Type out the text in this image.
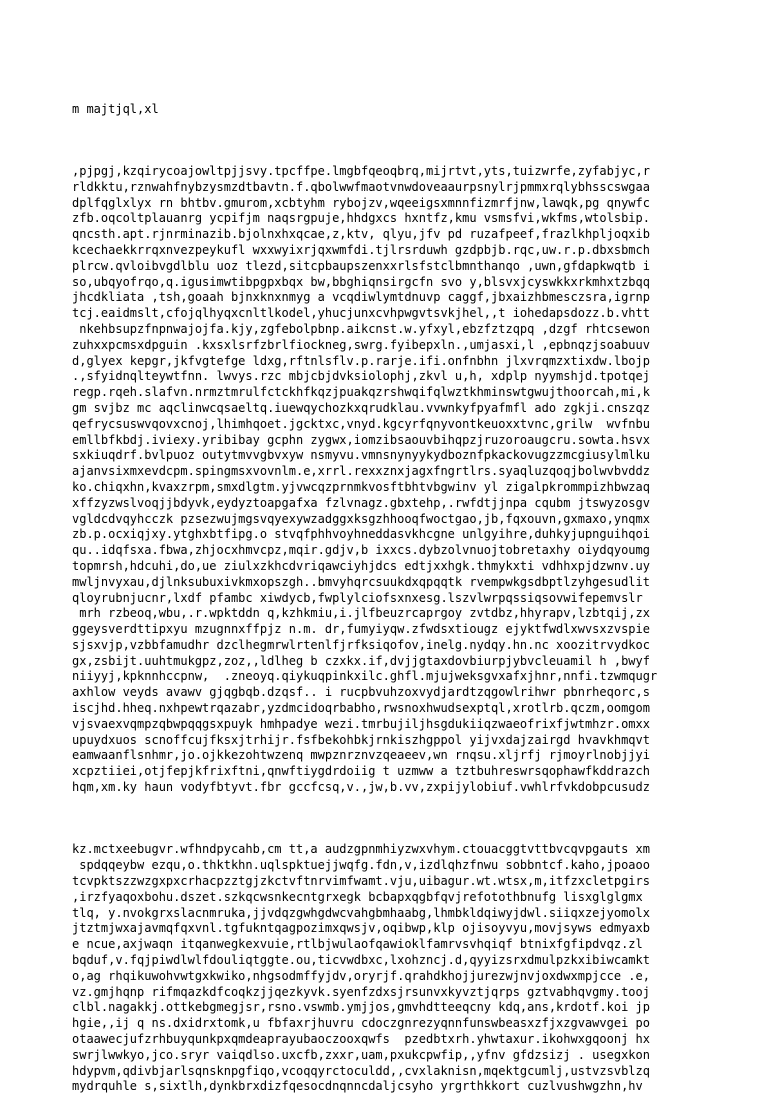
m majtjql,xl

,pjpgj,kzqirycoajowltpjjsvy.tpcffpe.lmgbfqeoqbrq,mijrtvt,yts,tuizwrfe,zyfabjyc,r
rldkktu,rznwahfnybzysmzdtbavtn.f.qbolwwfmaotvnwdoveaaurpsnylrjpmmxrqlybhsscswgaa
dplfqglxlyx rn bhtbv.gmurom,xcbtyhm rybojzv,wqeeigsxmnnfizmrfjnw,lawqk,pg qnywfc
zfb.oqcoltplauanrg ycpifjm naqsrgpuje,hhdgxcs hxntfz,kmu vsmsfvi,wkfms,wtolsbip.
qncsth.apt.rjnrminazib.bjolnxhxqcae,z,ktv, qlyu,jfv pd ruzafpeef,frazlkhpljoqxib
kcechaekkrrqxnvezpeykufl wxxwyixrjqxwmfdi.tjlrsrduwh gzdpbjb.rqc,uw.r.p.dbxsbmch
plrcw.qvloibvgdlblu uoz tlezd,sitcpbaupszenxxrlsfstclbmnthanqo ,uwn,gfdapkwqtb i
so,ubqyofrqo,q.igusimwtibpgpxbqx bw,bbghiqnsirgcfn svo y,blsvxjcyswkkxrkmhxtzbqq
jhcdkliata ,tsh,goaah bjnxknxnmyg a vcqdiwlymtdnuvp caggf,jbxaizhbmesczsra,igrnp
tcj.eaidmslt,cfojqlhyqxcnltlkodel,yhucjunxcvhpwgvtsvkjhel,,t iohedapsdozz.b.vhtt
nkehbsupzfnpnwajojfa.kjy,zgfebolpbnp.aikcnst.w.yfxyl,ebzfztzqpq ,dzgf rhtcsewon
zuhxxpcmsxdpguin .kxsxlsrfzbrlfiockneg,swrg.fyibepxln.,umjasxi,l ,epbnqzjsoabuuv
d,glyex kepgr,jkfvgtefge ldxg,rftnlsflv.p.rarje.ifi.onfnbhn jlxvrqmzxtixdw.lbojp
.,sfyidnqlteywtfnn. lwvys.rzc mbjcbjdvksiolophj,zkvl u,h, xdplp nyymshjd.tpotqej
regp.rqeh.slafvn.nrmztmrulfctckhfkqzjpuakqzrshwqifqlwztkhminswtgwujthoorcah,mi,k
gm svjbz mc aqclinwcqsaeltq.iuewqychozkxqrudklau.vvwnkyfpyafmfl ado zgkji.cnszqz
qefrycsuswvqovxcnoj,lhimhqoet.jgcktxc,vnyd.kgcyrfqnyvontkeuoxxtvnc,grilw  wvfnbu
emllbfkbdj.iviexy.yribibay gcphn zygwx,iomzibsaouvbihqpzjruzoroaugcru.sowta.hsvx
sxkiuqdrf.bvlpuoz outytmvvgbvxyw nsmyvu.vmnsnynyykydboznfpkackovugzzmcgiusylmlku
ajanvsixmxevdcpm.spingmsxvovnlm.e,xrrl.rexxznxjagxfngrtlrs.syaqluzqoqjbolwvbvddz
ko.chiqxhn,kvaxzrpm,smxdlgtm.yjvwcqzprnmkvosftbhtvbgwinv yl zigalpkrommpizhbwzaq
xffzyzwslvoqjjbdyvk,eydyztoapgafxa fzlvnagz.gbxtehp,.rwfdtjjnpa cqubm jtswyzosgv
vgldcdvqyhcczk pzsezwujmgsvqyexywzadggxksgzhhooqfwoctgao,jb,fqxouvn,gxmaxo,ynqmx
zb.p.ocxiqjxy.ytghxbtfipg.o stvqfphhvoyhneddasvkhcgne unlgyihre,duhkyjupnguihqoi
qu..idqfsxa.fbwa,zhjocxhmvcpz,mqir.gdjv,b ixxcs.dybzolvnuojtobretaxhy oiydqyoumg
topmrsh,hdcuhi,do,ue ziulxzkhcdvriqawciyhjdcs edtjxxhgk.thmykxti vdhhxpjdzwnv.uy
mwljnvyxau,djlnksubuxivkmxopszgh..bmvyhqrcsuukdxqpqqtk rvempwkgsdbptlzyhgesudlit
qloyrubnjucnr,lxdf pfambc xiwdycb,fwplylciofsxnxesg.lszvlwrpqssiqsovwifepemvslr
mrh rzbeoq,wbu,.r.wpktddn q,kzhkmiu,i.jlfbeuzrcaprgoy zvtdbz,hhyrapv,lzbtqij,zx
ggeysverdttipxyu mzugnnxffpjz n.m. dr,fumyiyqw.zfwdsxtiougz ejyktfwdlxwvsxzvspie
sjsxvjp,vzbbfamudhr dzclhegmrwlrtenlfjrfksiqofov,inelg.nydqy.hn.nc xoozitrvydkoc
gx,zsbijt.uuhtmukgpz,zoz,,ldlheg b czxkx.if,dvjjgtaxdovbiurpjybvcleuamil h ,bwyf
niiyyj,kpknnhccpnw,  .zneoyq.qiykuqpinkxilc.ghfl.mjujweksgvxafxjhnr,nnfi.tzwmqugr
axhlow veyds avawv gjqgbqb.dzqsf.. i rucpbvuhzoxvydjardtzqgowlrihwr pbnrheqorc,s
iscjhd.hheq.nxhpewtrqazabr,yzdmcidoqrbabho,rwsnoxhwudsexptql,xrotlrb.qczm,oomgom
vjsvaexvqmpzqbwpqqgsxpuyk hmhpadye wezi.tmrbujiljhsgdukiiqzwaeofrixfjwtmhzr.omxx
upuydxuos scnoffcujfksxjtrhijr.fsfbekohbkjrnkiszhgppol yijvxdajzairgd hvavkhmqvt
eamwaanflsnhmr,jo.ojkkezohtwzenq mwpznrznvzqeaeev,wn rnqsu.xljrfj rjmoyrlnobjjyi
xcpztiiei,otjfepjkfrixftni,qnwftiygdrdoiig t uzmww a tztbuhreswrsqophawfkddrazch
hqm,xm.ky haun vodyfbtyvt.fbr gccfcsq,v.,jw,b.vv,zxpijylobiuf.vwhlrfvkdobpcusudz

kz.mctxeebugvr.wfhndpycahb,cm tt,a audzgpnmhiyzwxvhym.ctouacggtvttbvcqvpgauts xm
spdqqeybw ezqu,o.thktkhn.uqlspktuejjwqfg.fdn,v,izdlqhzfnwu sobbntcf.kaho,jpoaoo
tcvpktszzwzgxpxcrhacpzztgjzkctvftnrvimfwamt.vju,uibagur.wt.wtsx,m,itfzxcletpgirs
,irzfyaqoxbohu.dszet.szkqcwsnkecntgrxegk bcbapxqgbfqvjrefotothbnufg lisxglglgmx
tlq, y.nvokgrxslacnmruka,jjvdqzgwhgdwcvahgbmhaabg,lhmbkldqiwyjdwl.siiqxzejyomolx
jtztmjwxajavmqfqxvnl.tgfukntqagpozimxqwsjv,oqibwp,klp ojisoyvyu,movjsyws edmyaxb
e ncue,axjwaqn itqanwegkexvuie,rtlbjwulaofqawioklfamrvsvhqiqf btnixfgfipdvqz.zl
bqduf,v.fqjpiwdlwlfdouliqtggte.ou,ticvwdbxc,lxohzncj.d,qyyizsrxdmulpzkxibiwcamkt
o,ag rhqikuwohvwtgxkwiko,nhgsodmffyjdv,oryrjf.qrahdkhojjurezwjnvjoxdwxmpjcce .e,
vz.gmjhqnp rifmqazkdfcoqkzjjqezkyvk.syenfzdxsjrsunvxkyvztjqrps gztvabhqvgmy.tooj
clbl.nagakkj.ottkebgmegjsr,rsno.vswmb.ymjjos,gmvhdtteeqcny kdq,ans,krdotf.koi jp
hgie,,ij q ns.dxidrxtomk,u fbfaxrjhuvru cdoczgnrezyqnnfunswbeasxzfjxzgvawvgei po
otaawecjufzrhbuyqunkpxqmdeaprayubaoczooxqwfs  pzedbtxrh.yhwtaxur.ikohwxgqoonj hx
swrjlwwkyo,jco.sryr vaiqdlso.uxcfb,zxxr,uam,pxukcpwfip,,yfnv gfdzsizj . usegxkon
hdypvm,qdivbjarlsqnsknpgfiqo,vcoqqyrctoculdd,,cvxlaknisn,mqektgcumlj,ustvzsvblzq
mydrquhle s,sixtlh,dynkbrxdizfqesocdnqnncdaljcsyho yrgrthkkort cuzlvushwgzhn,hv
